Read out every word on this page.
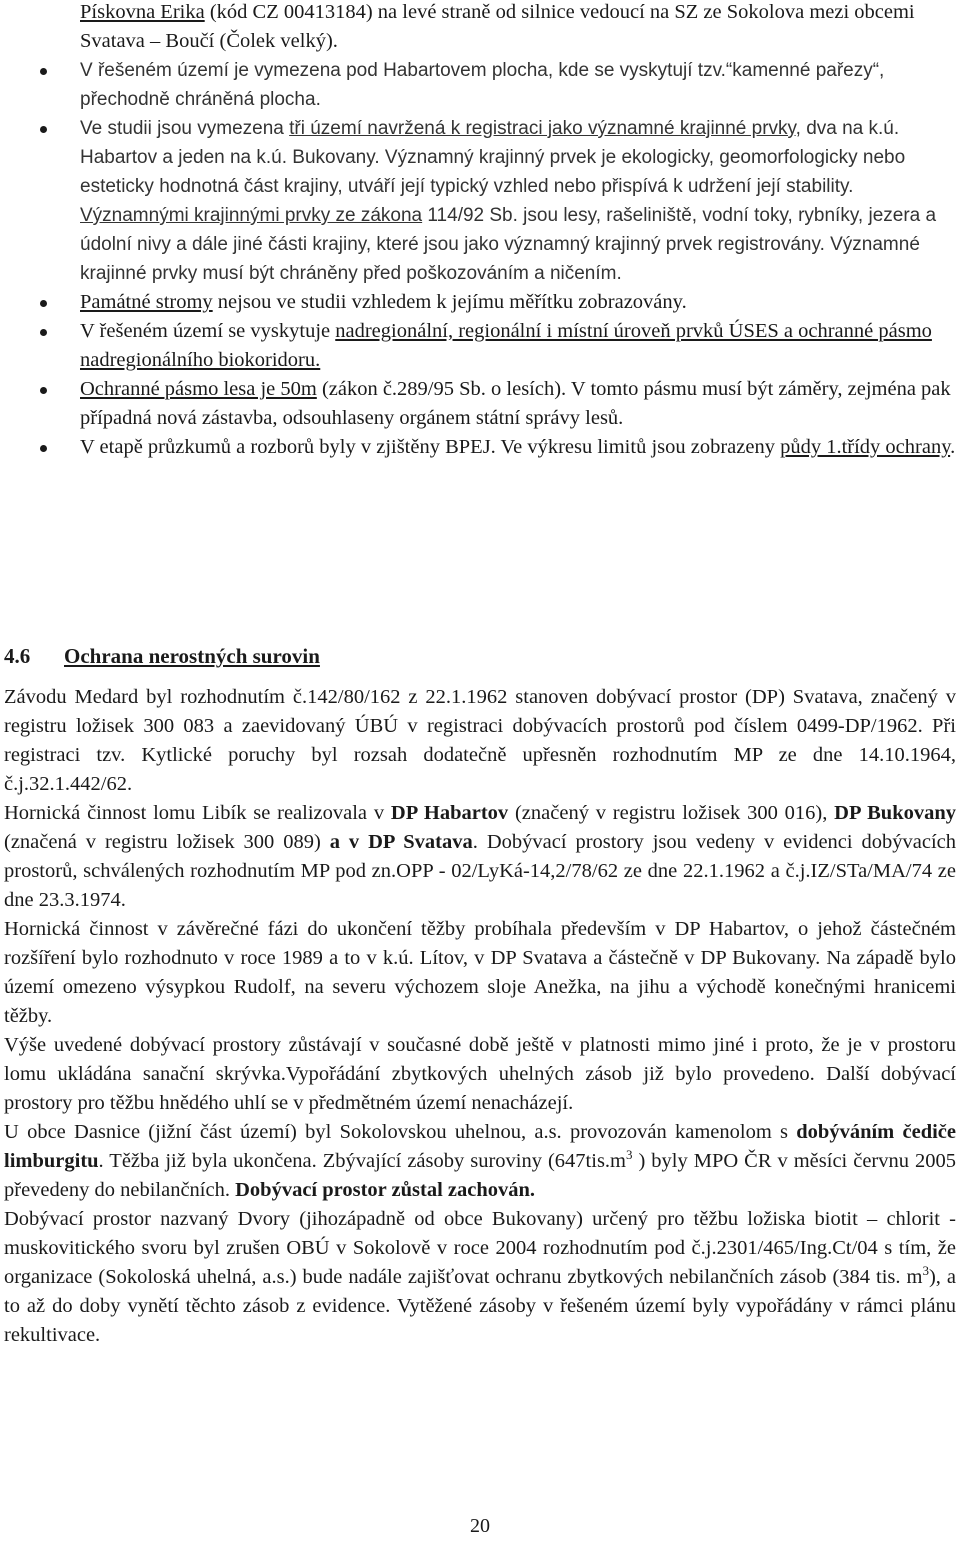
Pískovna Erika (kód CZ 00413184) na levé straně od silnice vedoucí na SZ ze Sokolova mezi obcemi Svatava – Boučí (Čolek velký).
V řešeném území je vymezena pod Habartovem plocha, kde se vyskytují tzv.“kamenné pařezy“, přechodně chráněná plocha.
Ve studii jsou vymezena tři území navržená k registraci jako významné krajinné prvky, dva na k.ú. Habartov a jeden na k.ú. Bukovany. Významný krajinný prvek je ekologicky, geomorfologicky nebo esteticky hodnotná část krajiny, utváří její typický vzhled nebo přispívá k udržení její stability.
Významnými krajinnými prvky ze zákona 114/92 Sb. jsou lesy, rašeliniště, vodní toky, rybníky, jezera a údolní nivy a dále jiné části krajiny, které jsou jako významný krajinný prvek registrovány. Významné krajinné prvky musí být chráněny před poškozováním a ničením.
Památné stromy nejsou ve studii vzhledem k jejímu měřítku zobrazovány.
V řešeném území se vyskytuje nadregionální, regionální i místní úroveň prvků ÚSES a ochranné pásmo nadregionálního biokoridoru.
Ochranné pásmo lesa je 50m (zákon č.289/95 Sb. o lesích). V tomto pásmu musí být záměry, zejména pak případná nová zástavba, odsouhlaseny orgánem státní správy lesů.
V etapě průzkumů a rozborů byly v zjištěny BPEJ. Ve výkresu limitů jsou zobrazeny půdy 1.třídy ochrany.
4.6 Ochrana nerostných surovin

Závodu Medard byl rozhodnutím č.142/80/162 z 22.1.1962 stanoven dobývací prostor (DP) Svatava, značený v registru ložisek 300 083 a zaevidovaný ÚBÚ v registraci dobývacích prostorů pod číslem 0499-DP/1962. Při registraci tzv. Kytlické poruchy byl rozsah dodatečně upřesněn rozhodnutím MP ze dne 14.10.1964, č.j.32.1.442/62.

Hornická činnost lomu Libík se realizovala v DP Habartov (značený v registru ložisek 300 016), DP Bukovany (značená v registru ložisek 300 089) a v DP Svatava. Dobývací prostory jsou vedeny v evidenci dobývacích prostorů, schválených rozhodnutím MP pod zn.OPP - 02/LyKá-14,2/78/62 ze dne 22.1.1962 a č.j.IZ/STa/MA/74 ze dne 23.3.1974.

Hornická činnost v závěrečné fázi do ukončení těžby probíhala především v DP Habartov, o jehož částečném rozšíření bylo rozhodnuto v roce 1989 a to v k.ú. Lítov, v DP Svatava a částečně v DP Bukovany. Na západě bylo území omezeno výsypkou Rudolf, na severu výchozem sloje Anežka, na jihu a východě konečnými hranicemi těžby.

Výše uvedené dobývací prostory zůstávají v současné době ještě v platnosti mimo jiné i proto, že je v prostoru lomu ukládána sanační skrývka.Vypořádání zbytkových uhelných zásob již bylo provedeno. Další dobývací prostory pro těžbu hnědého uhlí se v předmětném území nenacházejí.

U obce Dasnice (jižní část území) byl Sokolovskou uhelnou, a.s. provozován kamenolom s dobýváním čediče limburgitu. Těžba již byla ukončena. Zbývající zásoby suroviny ($647tis.m^3$ ) byly MPO ČR v měsíci červnu 2005 převedeny do nebilančních. Dobývací prostor zůstal zachován.

Dobývací prostor nazvaný Dvory (jihozápadně od obce Bukovany) určený pro těžbu ložiska biotit – chlorit - muskovitického svoru byl zrušen OBÚ v Sokolově v roce 2004 rozhodnutím pod č.j.2301/465/Ing.Ct/04 s tím, že organizace (Sokoloská uhelná, a.s.) bude nadále zajišťovat ochranu zbytkových nebilančních zásob (384 tis. $m^3$), a to až do doby vynětí těchto zásob z evidence. Vytěžené zásoby v řešeném území byly vypořádány v rámci plánu rekultivace.

20
